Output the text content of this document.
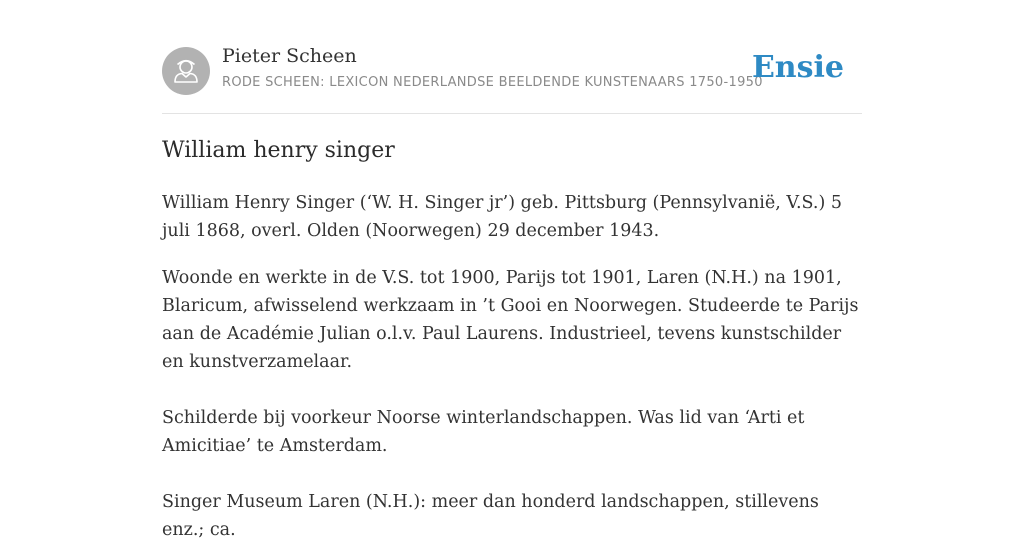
Pieter Scheen
RODE SCHEEN: LEXICON NEDERLANDSE BEELDENDE KUNSTENAARS 1750-1950
Ensie
William henry singer

William Henry Singer (‘W. H. Singer jr’) geb. Pittsburg (Pennsylvanië, V.S.) 5 juli 1868, overl. Olden (Noorwegen) 29 december 1943.

Woonde en werkte in de V.S. tot 1900, Parijs tot 1901, Laren (N.H.) na 1901, Blaricum, afwisselend werkzaam in ’t Gooi en Noorwegen. Studeerde te Parijs aan de Académie Julian o.l.v. Paul Laurens. Industrieel, tevens kunstschilder en kunstverzamelaar.

Schilderde bij voorkeur Noorse winterlandschappen. Was lid van ‘Arti et Amicitiae’ te Amsterdam.

Singer Museum Laren (N.H.): meer dan honderd landschappen, stillevens enz.; ca.
